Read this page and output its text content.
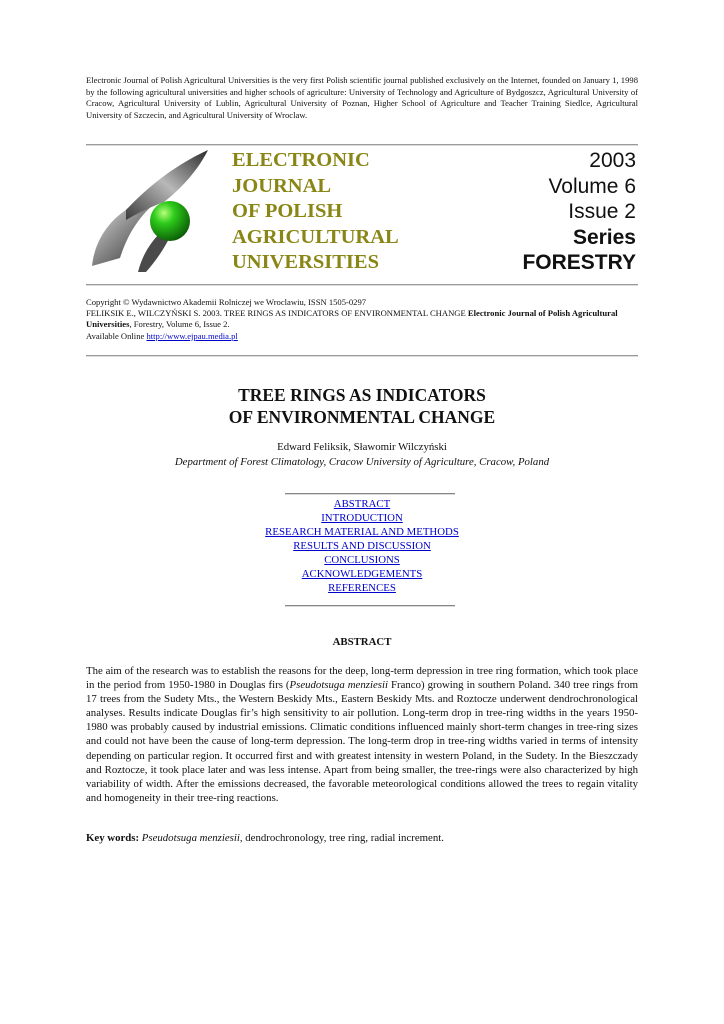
Electronic Journal of Polish Agricultural Universities is the very first Polish scientific journal published exclusively on the Internet, founded on January 1, 1998 by the following agricultural universities and higher schools of agriculture: University of Technology and Agriculture of Bydgoszcz, Agricultural University of Cracow, Agricultural University of Lublin, Agricultural University of Poznan, Higher School of Agriculture and Teacher Training Siedlce, Agricultural University of Szczecin, and Agricultural University of Wroclaw.
ELECTRONIC
JOURNAL
OF POLISH
AGRICULTURAL
UNIVERSITIES
2003
Volume 6
Issue 2
Series
FORESTRY
Copyright © Wydawnictwo Akademii Rolniczej we Wroclawiu, ISSN 1505-0297
FELIKSIK E., WILCZYŃSKI S. 2003. TREE RINGS AS INDICATORS OF ENVIRONMENTAL CHANGE Electronic Journal of Polish Agricultural Universities, Forestry, Volume 6, Issue 2.
Available Online http://www.ejpau.media.pl
TREE RINGS AS INDICATORS
OF ENVIRONMENTAL CHANGE
Edward Feliksik, Sławomir Wilczyński
Department of Forest Climatology, Cracow University of Agriculture, Cracow, Poland
ABSTRACT
INTRODUCTION
RESEARCH MATERIAL AND METHODS
RESULTS AND DISCUSSION
CONCLUSIONS
ACKNOWLEDGEMENTS
REFERENCES
ABSTRACT
The aim of the research was to establish the reasons for the deep, long-term depression in tree ring formation, which took place in the period from 1950-1980 in Douglas firs (Pseudotsuga menziesii Franco) growing in southern Poland. 340 tree rings from 17 trees from the Sudety Mts., the Western Beskidy Mts., Eastern Beskidy Mts. and Roztocze underwent dendrochronological analyses. Results indicate Douglas fir’s high sensitivity to air pollution. Long-term drop in tree-ring widths in the years 1950-1980 was probably caused by industrial emissions. Climatic conditions influenced mainly short-term changes in tree-ring sizes and could not have been the cause of long-term depression. The long-term drop in tree-ring widths varied in terms of intensity depending on particular region. It occurred first and with greatest intensity in western Poland, in the Sudety. In the Bieszczady and Roztocze, it took place later and was less intense. Apart from being smaller, the tree-rings were also characterized by high variability of width. After the emissions decreased, the favorable meteorological conditions allowed the trees to regain vitality and homogeneity in their tree-ring reactions.
Key words: Pseudotsuga menziesii, dendrochronology, tree ring, radial increment.
